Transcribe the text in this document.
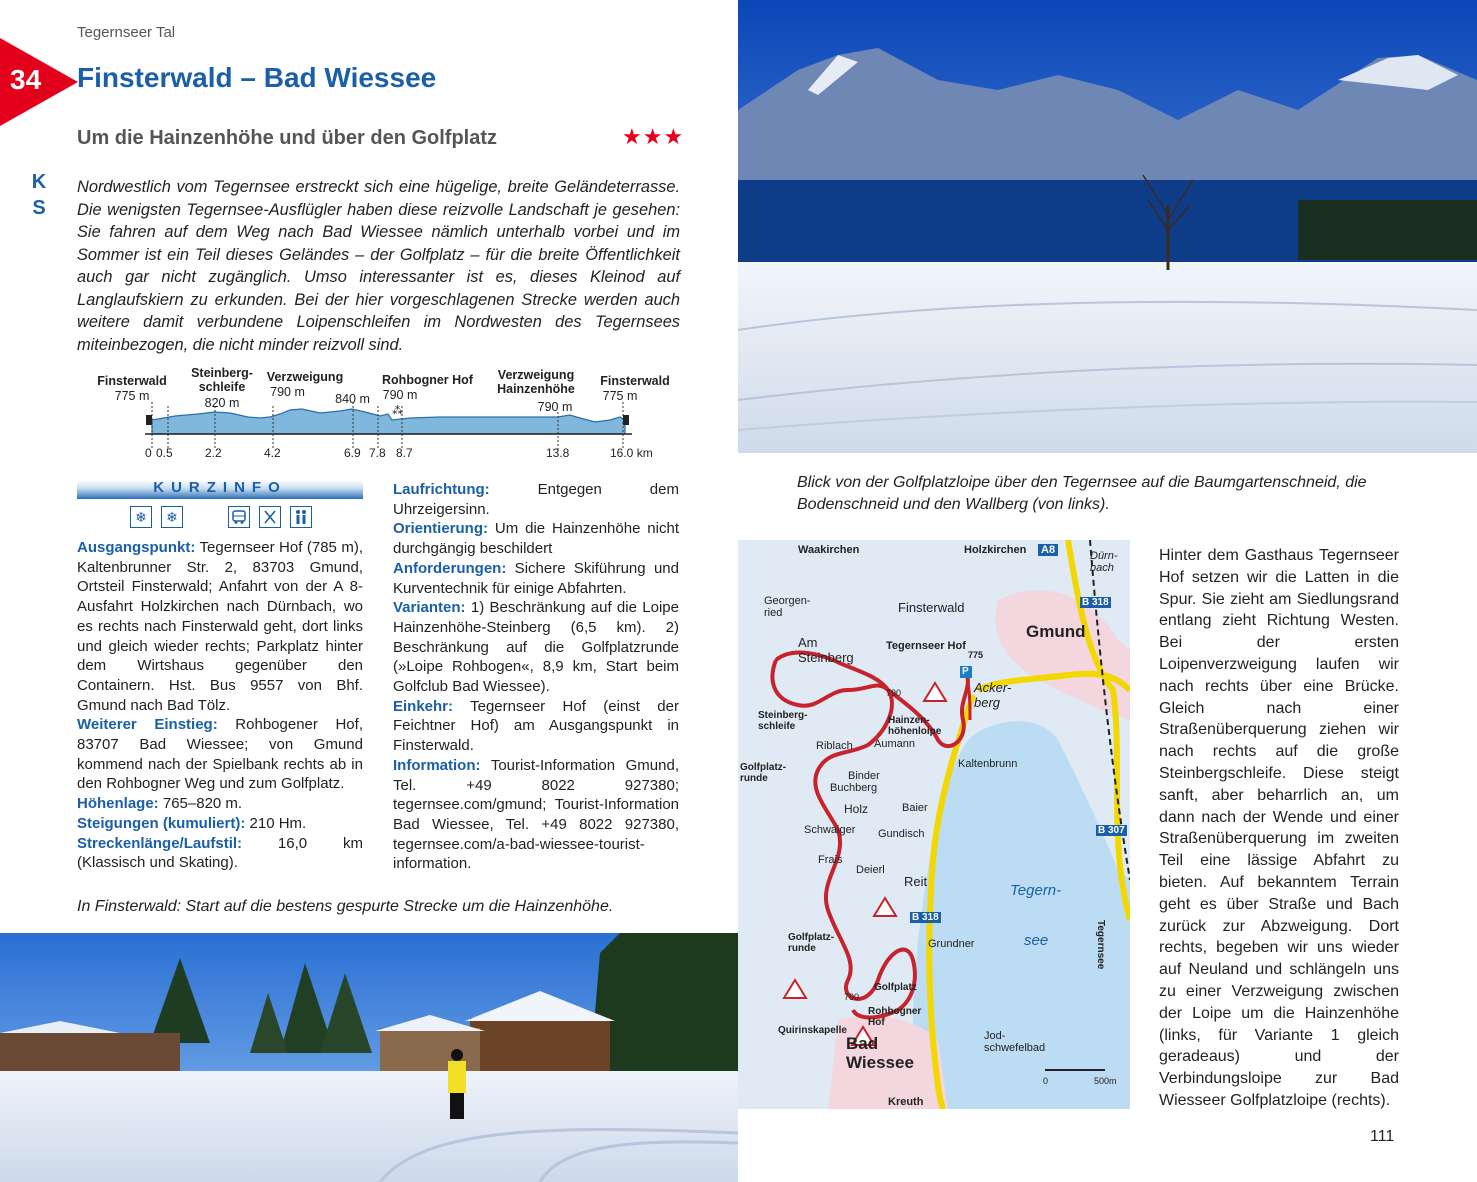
Tegernseer Tal
34 Finsterwald – Bad Wiessee
Um die Hainzenhöhe und über den Golfplatz	★★★
K
S
Nordwestlich vom Tegernsee erstreckt sich eine hügelige, breite Geländeterrasse. Die wenigsten Tegernsee-Ausflügler haben diese reizvolle Landschaft je gesehen: Sie fahren auf dem Weg nach Bad Wiessee nämlich unterhalb vorbei und im Sommer ist ein Teil dieses Geländes – der Golfplatz – für die breite Öffentlichkeit auch gar nicht zugänglich. Umso interessanter ist es, dieses Kleinod auf Langlaufskiern zu erkunden. Bei der hier vorgeschlagenen Strecke werden auch weitere damit verbundene Loipenschleifen im Nordwesten des Tegernsees miteinbezogen, die nicht minder reizvoll sind.
⁂
Finsterwald
775 m
Steinberg-
schleife
820 m
Verzweigung
790 m	840 m
Rohbogner Hof
790 m
Verzweigung
Hainzenhöhe
790 m
Finsterwald
775 m
0 0.5	2.2	4.2	6.9 7.8 8.7	13.8	16.0 km
KURZINFO
❄	❄
Ausgangspunkt: Tegernseer Hof (785 m), Kaltenbrunner Str. 2, 83703 Gmund, Ortsteil Finsterwald; Anfahrt von der A 8- Ausfahrt Holzkirchen nach Dürnbach, wo es rechts nach Finsterwald geht, dort links und gleich wieder rechts; Parkplatz hinter dem Wirtshaus gegenüber den Containern. Hst. Bus 9557 von Bhf. Gmund nach Bad Tölz.
Weiterer Einstieg: Rohbogener Hof, 83707 Bad Wiessee; von Gmund kommend nach der Spielbank rechts ab in den Rohbogner Weg und zum Golfplatz.
Höhenlage: 765–820 m.
Steigungen (kumuliert): 210 Hm.
Streckenlänge/Laufstil: 16,0 km (Klassisch und Skating).
Laufrichtung: Entgegen dem Uhrzeigersinn.
Orientierung: Um die Hainzenhöhe nicht durchgängig beschildert
Anforderungen: Sichere Skiführung und Kurventechnik für einige Abfahrten.
Varianten: 1) Beschränkung auf die Loipe Hainzenhöhe-Steinberg (6,5 km). 2) Beschränkung auf die Golfplatzrunde (»Loipe Rohbogen«, 8,9 km, Start beim Golfclub Bad Wiessee).
Einkehr: Tegernseer Hof (einst der Feichtner Hof) am Ausgangspunkt in Finsterwald.
Information: Tourist-Information Gmund, Tel. +49 8022 927380; tegernsee.com/gmund; Tourist-Information Bad Wiessee, Tel. +49 8022 927380, tegernsee.com/a-bad-wiessee-tourist-information.
In Finsterwald: Start auf die bestens gespurte Strecke um die Hainzenhöhe.
Blick von der Golfplatzloipe über den Tegernsee auf die Baumgartenschneid, die Bodenschneid und den Wallberg (von links).
Waakirchen	Holzkirchen A8	Dürn-
bach
B 318
Georgen-
ried	Finsterwald
Am
Steinberg
Tegernseer Hof
775
Gmund
P
790	Acker-
berg
Steinberg-
schleife
Hainzen-
höhenloipe
Riblach Aumann
Golfplatz-
runde	Binder
Kaltenbrunn
Buchberg
Baier
Holz
Schwaiger Gundisch	B 307
Frais
Deierl
Reit
Tegern-
see
B 318
Golfplatz-
runde	Grundner
790
Golfplatz
Rohbogner
Hof
Quirinskapelle
Bad
Wiessee
Jod-
schwefelbad
Tegernsee
0	500m
Kreuth
Hinter dem Gasthaus Tegernseer Hof setzen wir die Latten in die Spur. Sie zieht am Siedlungsrand entlang zieht Richtung Westen. Bei der ersten Loipenverzweigung laufen wir nach rechts über eine Brücke. Gleich nach einer Straßenüberquerung ziehen wir nach rechts auf die große Steinbergschleife. Diese steigt sanft, aber beharrlich an, um dann nach der Wende und einer Straßenüberquerung im zweiten Teil eine lässige Abfahrt zu bieten. Auf bekanntem Terrain geht es über Straße und Bach zurück zur Abzweigung. Dort rechts, begeben wir uns wieder auf Neuland und schlängeln uns zu einer Verzweigung zwischen der Loipe um die Hainzenhöhe (links, für Variante 1 gleich geradeaus) und der Verbindungsloipe zur Bad Wiesseer Golfplatzloipe (rechts).
111
